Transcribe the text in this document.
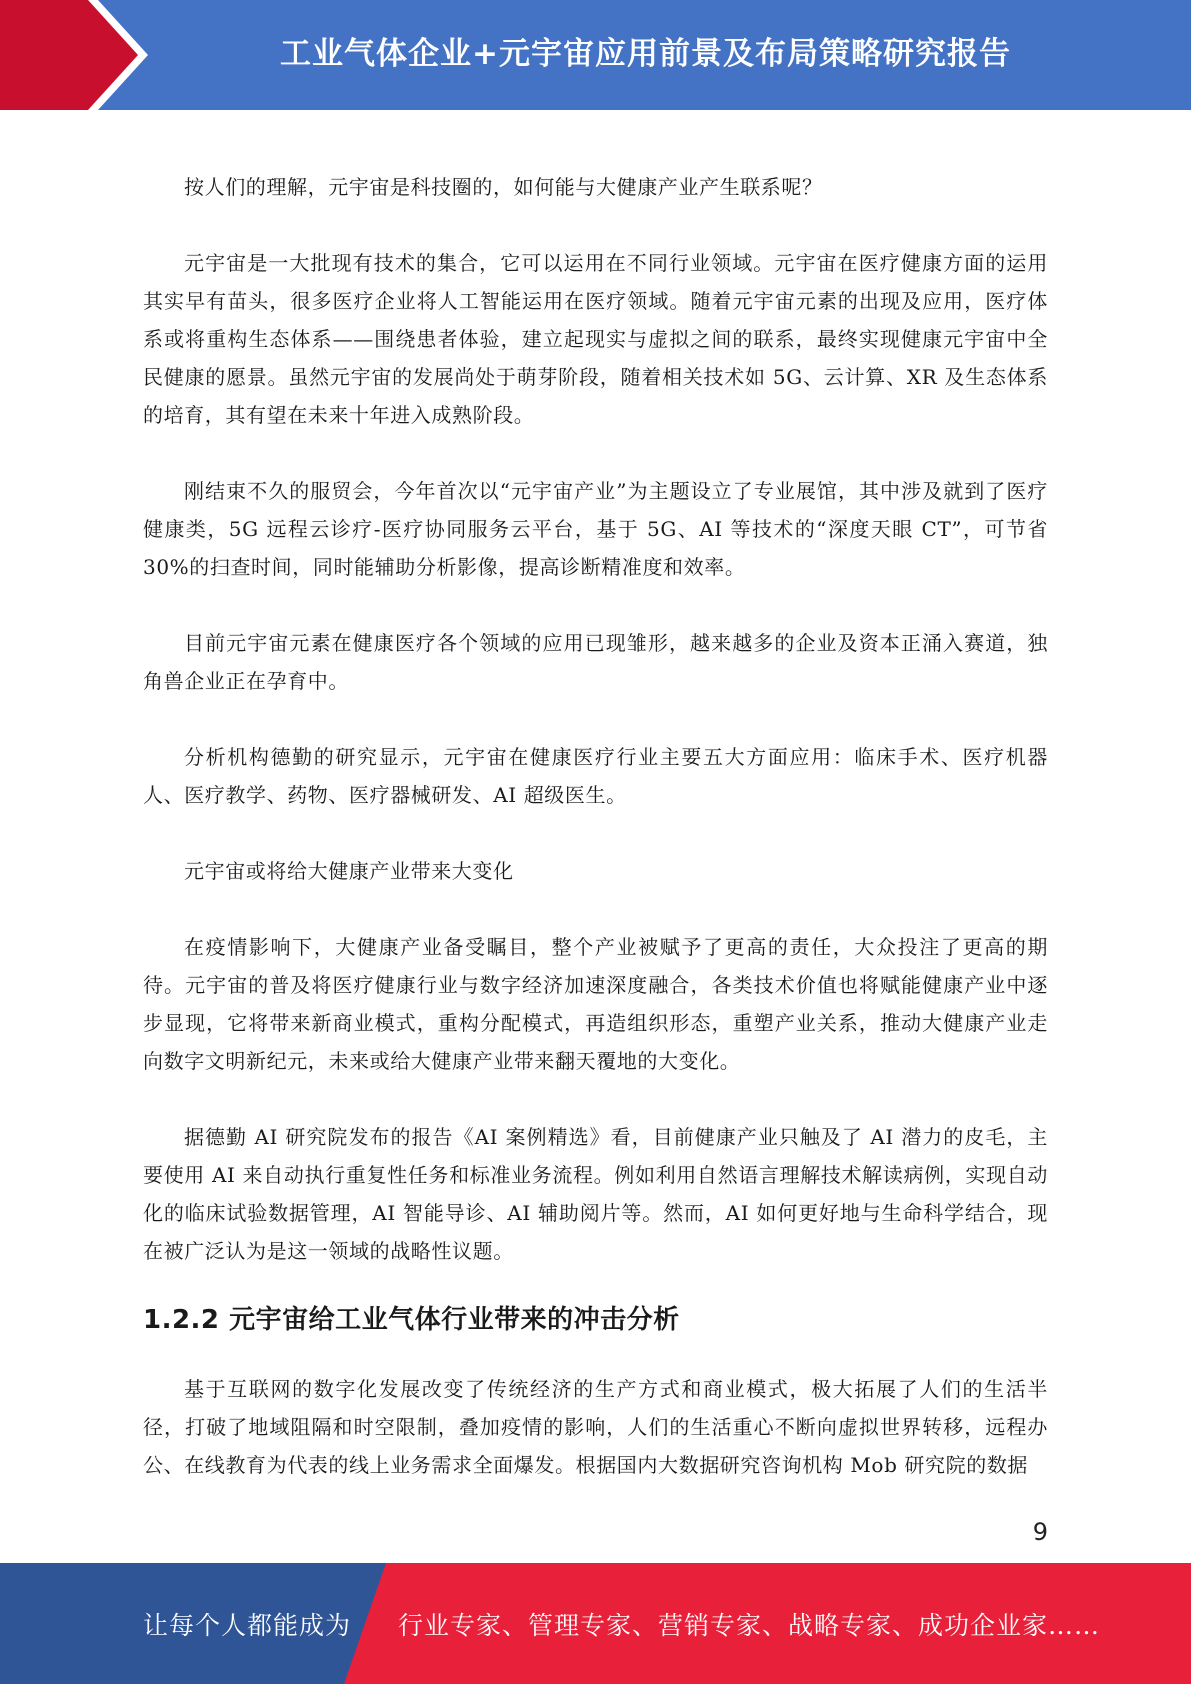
工业气体企业+元宇宙应用前景及布局策略研究报告

按人们的理解，元宇宙是科技圈的，如何能与大健康产业产生联系呢？

元宇宙是一大批现有技术的集合，它可以运用在不同行业领域。元宇宙在医疗健康方面的运用其实早有苗头，很多医疗企业将人工智能运用在医疗领域。随着元宇宙元素的出现及应用，医疗体系或将重构生态体系——围绕患者体验，建立起现实与虚拟之间的联系，最终实现健康元宇宙中全民健康的愿景。虽然元宇宙的发展尚处于萌芽阶段，随着相关技术如 5G、云计算、XR 及生态体系的培育，其有望在未来十年进入成熟阶段。

刚结束不久的服贸会，今年首次以“元宇宙产业”为主题设立了专业展馆，其中涉及就到了医疗健康类，5G 远程云诊疗-医疗协同服务云平台，基于 5G、AI 等技术的“深度天眼 CT”，可节省 30%的扫查时间，同时能辅助分析影像，提高诊断精准度和效率。

目前元宇宙元素在健康医疗各个领域的应用已现雏形，越来越多的企业及资本正涌入赛道，独角兽企业正在孕育中。

分析机构德勤的研究显示，元宇宙在健康医疗行业主要五大方面应用：临床手术、医疗机器人、医疗教学、药物、医疗器械研发、AI 超级医生。

元宇宙或将给大健康产业带来大变化

在疫情影响下，大健康产业备受瞩目，整个产业被赋予了更高的责任，大众投注了更高的期待。元宇宙的普及将医疗健康行业与数字经济加速深度融合，各类技术价值也将赋能健康产业中逐步显现，它将带来新商业模式，重构分配模式，再造组织形态，重塑产业关系，推动大健康产业走向数字文明新纪元，未来或给大健康产业带来翻天覆地的大变化。

据德勤 AI 研究院发布的报告《AI 案例精选》看，目前健康产业只触及了 AI 潜力的皮毛，主要使用 AI 来自动执行重复性任务和标准业务流程。例如利用自然语言理解技术解读病例，实现自动化的临床试验数据管理，AI 智能导诊、AI 辅助阅片等。然而，AI 如何更好地与生命科学结合，现在被广泛认为是这一领域的战略性议题。

1.2.2 元宇宙给工业气体行业带来的冲击分析

基于互联网的数字化发展改变了传统经济的生产方式和商业模式，极大拓展了人们的生活半径，打破了地域阻隔和时空限制，叠加疫情的影响，人们的生活重心不断向虚拟世界转移，远程办公、在线教育为代表的线上业务需求全面爆发。根据国内大数据研究咨询机构 Mob 研究院的数据

9
让每个人都能成为 行业专家、管理专家、营销专家、战略专家、成功企业家……
